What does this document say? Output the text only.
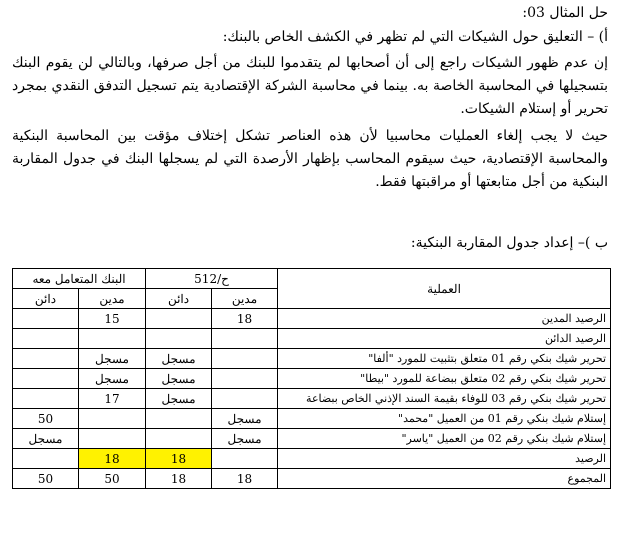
حل المثال 03:
أ) – التعليق حول الشيكات التي لم تظهر في الكشف الخاص بالبنك:
إن عدم ظهور الشيكات راجع إلى أن أصحابها لم يتقدموا للبنك من أجل صرفها، وبالتالي لن يقوم البنك بتسجيلها في المحاسبة الخاصة به. بينما في محاسبة الشركة الإقتصادية يتم تسجيل التدفق النقدي بمجرد تحرير أو إستلام الشيكات.
حيث لا يجب إلغاء العمليات محاسبيا لأن هذه العناصر تشكل إختلاف مؤقت بين المحاسبة البنكية والمحاسبة الإقتصادية، حيث سيقوم المحاسب بإظهار الأرصدة التي لم يسجلها البنك في جدول المقاربة البنكية من أجل متابعتها أو مراقبتها فقط.
ب )– إعداد جدول المقاربة البنكية:
البنك المتعامل معه		ح/512		العملية
دائن	مدين	دائن	مدين	
	15		18	الرصيد المدين
				الرصيد الدائن
	مسجل	مسجل		تحرير شيك بنكي رقم 01 متعلق بتثبيت للمورد "ألفا"
	مسجل	مسجل		تحرير شيك بنكي رقم 02 متعلق ببضاعة للمورد "بيطا"
	17	مسجل		تحرير شيك بنكي رقم 03 للوفاء بقيمة السند الإذني الخاص ببضاعة
50			مسجل	إستلام شيك بنكي رقم 01 من العميل "محمد"
مسجل			مسجل	إستلام شيك بنكي رقم 02 من العميل "ياسر"
	18	18		الرصيد
50	50	18	18	المجموع
